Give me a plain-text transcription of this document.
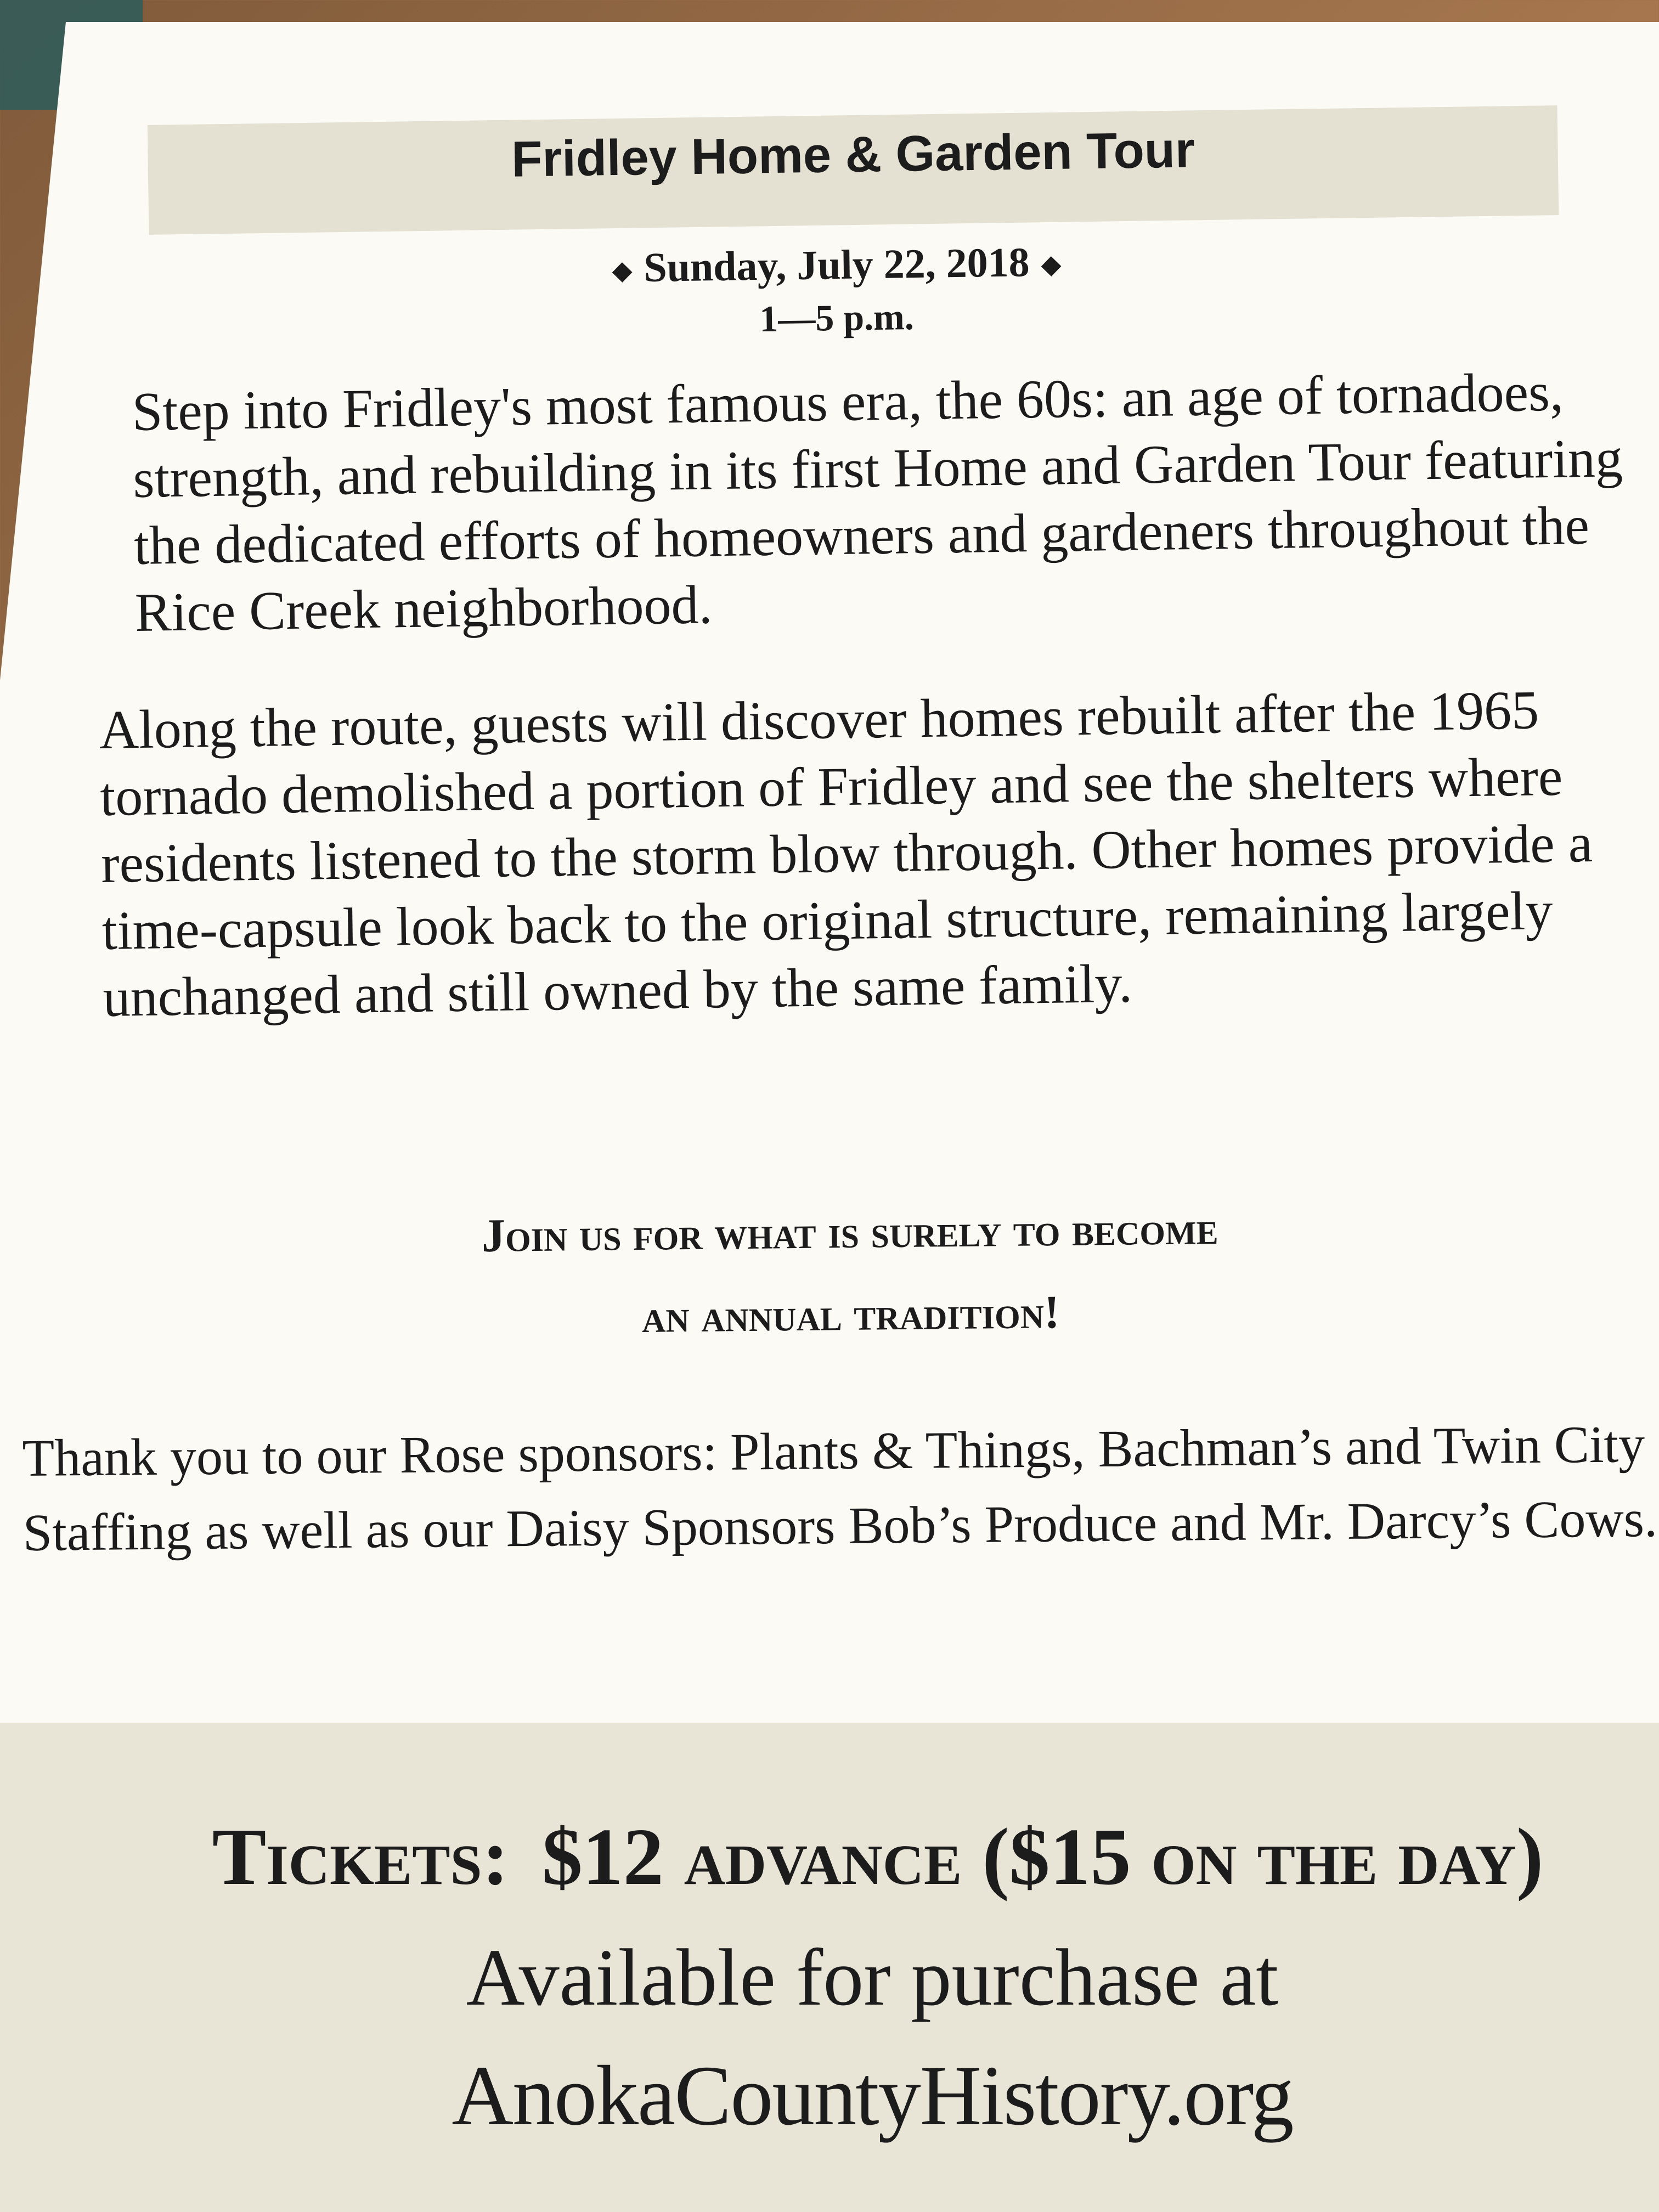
Fridley Home & Garden Tour
Sunday, July 22, 2018
1—5 p.m.

Step into Fridley's most famous era, the 60s: an age of tornadoes, strength, and rebuilding in its first Home and Garden Tour featuring the dedicated efforts of homeowners and gardeners throughout the Rice Creek neighborhood.

Along the route, guests will discover homes rebuilt after the 1965 tornado demolished a portion of Fridley and see the shelters where residents listened to the storm blow through. Other homes provide a time-capsule look back to the original structure, remaining largely unchanged and still owned by the same family.

Join us for what is surely to become
an annual tradition!

Thank you to our Rose sponsors: Plants & Things, Bachman’s and Twin City Staffing as well as our Daisy Sponsors Bob’s Produce and Mr. Darcy’s Cows.

Tickets: $12 advance ($15 on the day)
Available for purchase at
AnokaCountyHistory.org
